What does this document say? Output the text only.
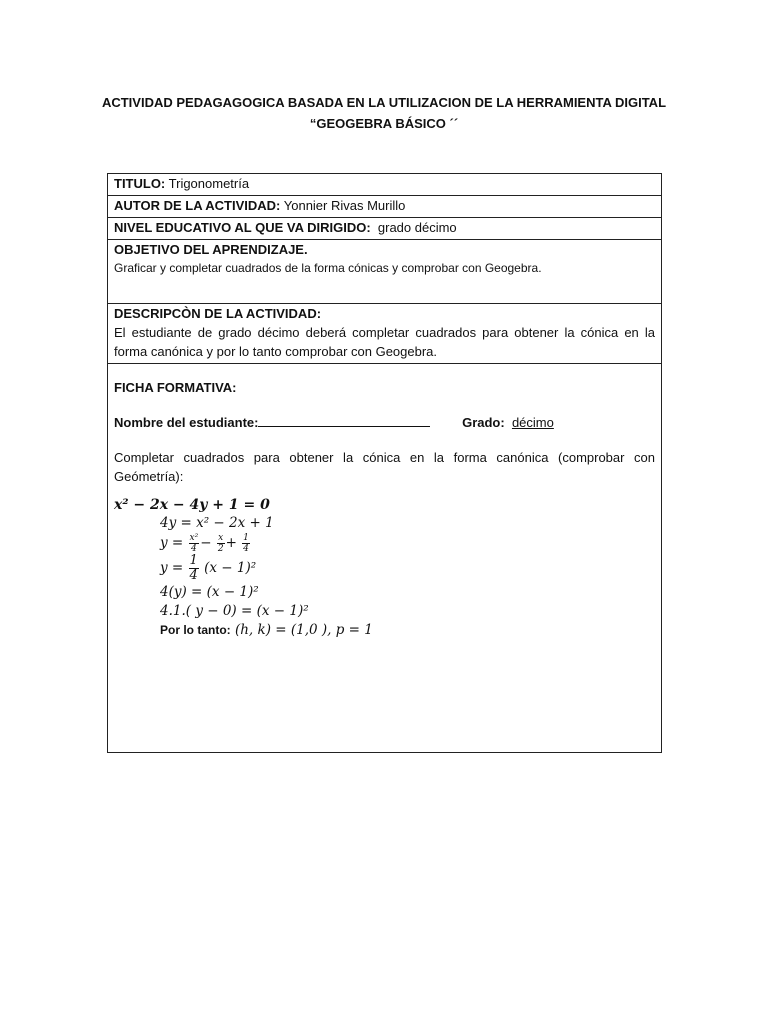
ACTIVIDAD PEDAGAGOGICA BASADA EN LA UTILIZACION DE LA HERRAMIENTA DIGITAL
“GEOGEBRA BÁSICO ´´
TITULO: Trigonometría
AUTOR DE LA ACTIVIDAD: Yonnier Rivas Murillo
NIVEL EDUCATIVO AL QUE VA DIRIGIDO: grado décimo

OBJETIVO DEL APRENDIZAJE.
Graficar y completar cuadrados de la forma cónicas y comprobar con Geogebra.

DESCRIPCÒN DE LA ACTIVIDAD:
El estudiante de grado décimo deberá completar cuadrados para obtener la cónica en la forma canónica y por lo tanto comprobar con Geogebra.

FICHA FORMATIVA:
Nombre del estudiante:	Grado: décimo
Completar cuadrados para obtener la cónica en la forma canónica (comprobar con Geómetría):
x² − 2x − 4y + 1 = 0
4y = x² − 2x + 1
$y = \frac{\text{x²}}{4} - \frac{x}{2} + \frac{1}{4}$
$y = \frac{1}{4} (x - 1)^2$
4(y) = (x − 1)²
4.1.( y − 0) = (x − 1)²
Por lo tanto: (h, k) = (1,0 ), p = 1
